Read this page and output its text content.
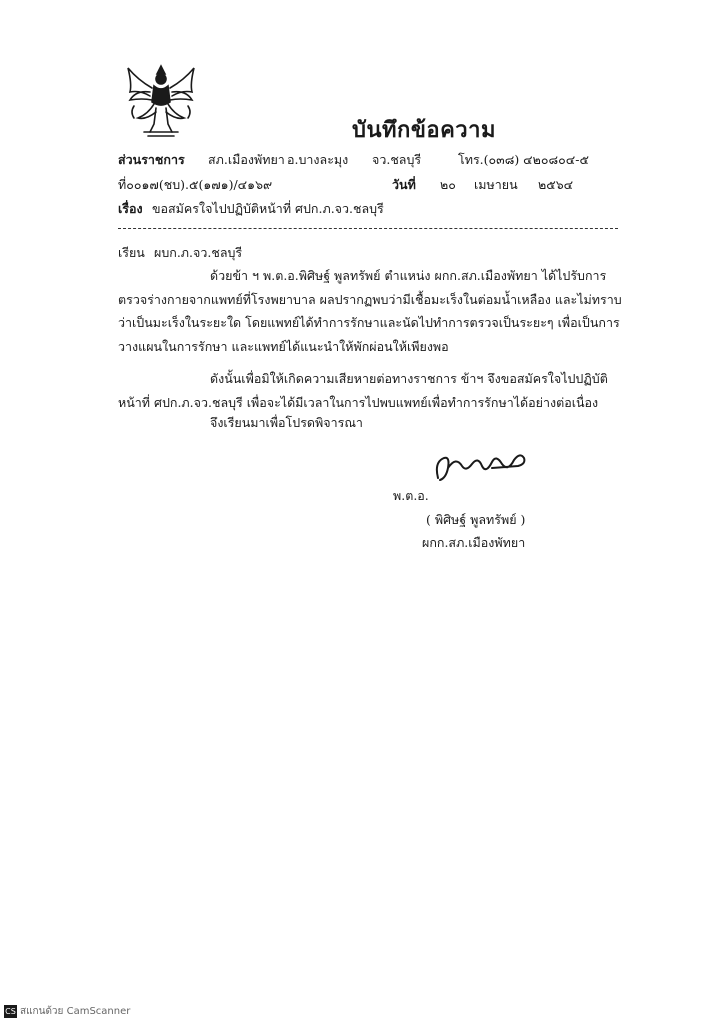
บันทึกข้อความ
ส่วนราชการ สภ.เมืองพัทยา อ.บางละมุง จว.ชลบุรี	โทร.(๐๓๘) ๔๒๐๘๐๔-๕
ที่๐๐๑๗(ชบ).๕(๑๗๑)/๔๑๖๙	วันที่ ๒๐ เมษายน ๒๕๖๔
เรื่อง ขอสมัครใจไปปฏิบัติหน้าที่ ศปก.ภ.จว.ชลบุรี
เรียน ผบก.ภ.จว.ชลบุรี
ด้วยข้า ฯ พ.ต.อ.พิศิษฐ์ พูลทรัพย์ ตำแหน่ง ผกก.สภ.เมืองพัทยา ได้ไปรับการตรวจร่างกายจากแพทย์ที่โรงพยาบาล ผลปรากฏพบว่ามีเชื้อมะเร็งในต่อมน้ำเหลือง และไม่ทราบว่าเป็นมะเร็งในระยะใด โดยแพทย์ได้ทำการรักษาและนัดไปทำการตรวจเป็นระยะๆ เพื่อเป็นการวางแผนในการรักษา และแพทย์ได้แนะนำให้พักผ่อนให้เพียงพอ
ดังนั้นเพื่อมิให้เกิดความเสียหายต่อทางราชการ ข้าฯ จึงขอสมัครใจไปปฏิบัติหน้าที่ ศปก.ภ.จว.ชลบุรี เพื่อจะได้มีเวลาในการไปพบแพทย์เพื่อทำการรักษาได้อย่างต่อเนื่อง
จึงเรียนมาเพื่อโปรดพิจารณา
พ.ต.อ.
( พิศิษฐ์ พูลทรัพย์ )
ผกก.สภ.เมืองพัทยา
CS สแกนด้วย CamScanner
